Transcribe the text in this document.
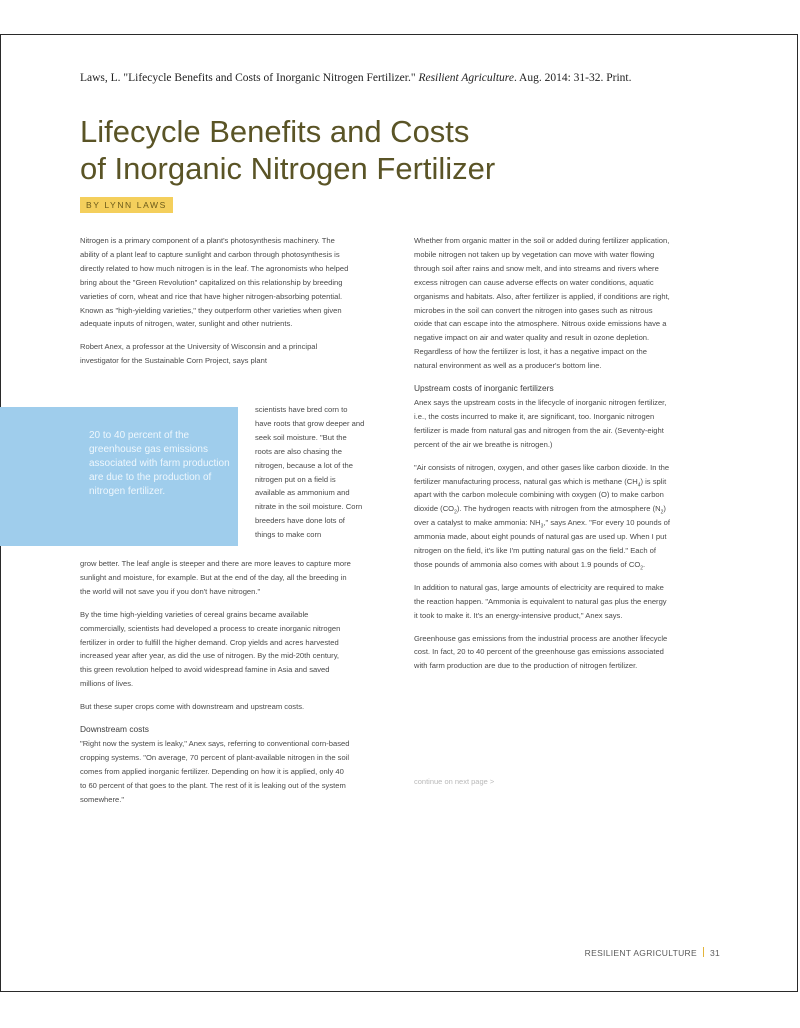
Laws, L. "Lifecycle Benefits and Costs of Inorganic Nitrogen Fertilizer." Resilient Agriculture. Aug. 2014: 31-32. Print.
Lifecycle Benefits and Costs
of Inorganic Nitrogen Fertilizer
BY LYNN LAWS

Nitrogen is a primary component of a plant's photosynthesis machinery. The ability of a plant leaf to capture sunlight and carbon through photosynthesis is directly related to how much nitrogen is in the leaf. The agronomists who helped bring about the "Green Revolution" capitalized on this relationship by breeding varieties of corn, wheat and rice that have higher nitrogen-absorbing potential. Known as "high-yielding varieties," they outperform other varieties when given adequate inputs of nitrogen, water, sunlight and other nutrients.

Robert Anex, a professor at the University of Wisconsin and a principal investigator for the Sustainable Corn Project, says plant

20 to 40 percent of the greenhouse gas emissions associated with farm production are due to the production of nitrogen fertilizer.

scientists have bred corn to have roots that grow deeper and seek soil moisture. "But the roots are also chasing the nitrogen, because a lot of the nitrogen put on a field is available as ammonium and nitrate in the soil moisture. Corn breeders have done lots of things to make corn

grow better. The leaf angle is steeper and there are more leaves to capture more sunlight and moisture, for example. But at the end of the day, all the breeding in the world will not save you if you don't have nitrogen."

By the time high-yielding varieties of cereal grains became available commercially, scientists had developed a process to create inorganic nitrogen fertilizer in order to fulfill the higher demand. Crop yields and acres harvested increased year after year, as did the use of nitrogen. By the mid-20th century, this green revolution helped to avoid widespread famine in Asia and saved millions of lives.

But these super crops come with downstream and upstream costs.

Downstream costs

"Right now the system is leaky," Anex says, referring to conventional corn-based cropping systems. "On average, 70 percent of plant-available nitrogen in the soil comes from applied inorganic fertilizer. Depending on how it is applied, only 40 to 60 percent of that goes to the plant. The rest of it is leaking out of the system somewhere."

Whether from organic matter in the soil or added during fertilizer application, mobile nitrogen not taken up by vegetation can move with water flowing through soil after rains and snow melt, and into streams and rivers where excess nitrogen can cause adverse effects on water conditions, aquatic organisms and habitats. Also, after fertilizer is applied, if conditions are right, microbes in the soil can convert the nitrogen into gases such as nitrous oxide that can escape into the atmosphere. Nitrous oxide emissions have a negative impact on air and water quality and result in ozone depletion. Regardless of how the fertilizer is lost, it has a negative impact on the natural environment as well as a producer's bottom line.

Upstream costs of inorganic fertilizers

Anex says the upstream costs in the lifecycle of inorganic nitrogen fertilizer, i.e., the costs incurred to make it, are significant, too. Inorganic nitrogen fertilizer is made from natural gas and nitrogen from the air. (Seventy-eight percent of the air we breathe is nitrogen.)

"Air consists of nitrogen, oxygen, and other gases like carbon dioxide. In the fertilizer manufacturing process, natural gas which is methane $(CH_4)$ is split apart with the carbon molecule combining with oxygen (O) to make carbon dioxide $(CO_2)$. The hydrogen reacts with nitrogen from the atmosphere $(N_2)$ over a catalyst to make ammonia: $NH_3$," says Anex. "For every 10 pounds of ammonia made, about eight pounds of natural gas are used up. When I put nitrogen on the field, it's like I'm putting natural gas on the field." Each of those pounds of ammonia also comes with about 1.9 pounds of $CO_2$.

In addition to natural gas, large amounts of electricity are required to make the reaction happen. "Ammonia is equivalent to natural gas plus the energy it took to make it. It's an energy-intensive product," Anex says.

Greenhouse gas emissions from the industrial process are another lifecycle cost. In fact, 20 to 40 percent of the greenhouse gas emissions associated with farm production are due to the production of nitrogen fertilizer.

continue on next page >
RESILIENT AGRICULTURE 31
